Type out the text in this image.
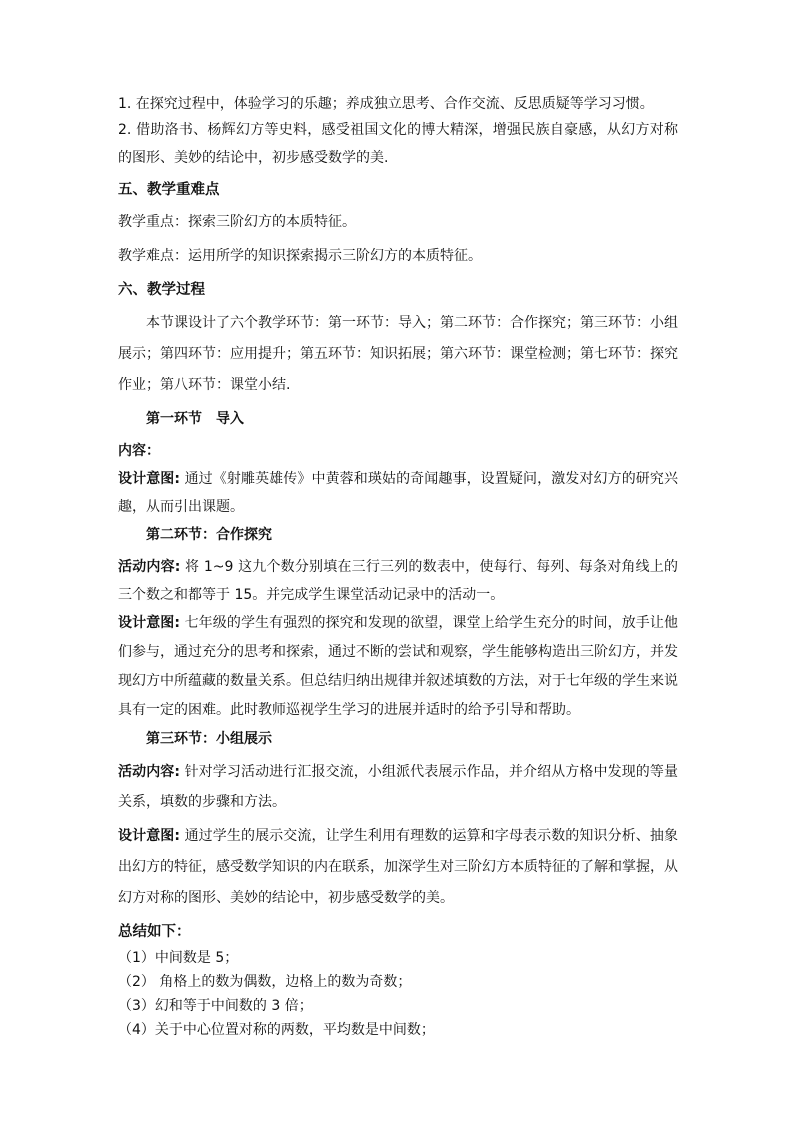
1. 在探究过程中，体验学习的乐趣；养成独立思考、合作交流、反思质疑等学习习惯。

2. 借助洛书、杨辉幻方等史料，感受祖国文化的博大精深，增强民族自豪感，从幻方对称的图形、美妙的结论中，初步感受数学的美.

五、教学重难点

教学重点：探索三阶幻方的本质特征。

教学难点：运用所学的知识探索揭示三阶幻方的本质特征。

六、教学过程

本节课设计了六个教学环节：第一环节：导入；第二环节：合作探究；第三环节：小组展示；第四环节：应用提升；第五环节：知识拓展；第六环节：课堂检测；第七环节：探究作业；第八环节：课堂小结.

第一环节　导入

内容：

设计意图: 通过《射雕英雄传》中黄蓉和瑛姑的奇闻趣事，设置疑问，激发对幻方的研究兴趣，从而引出课题。

第二环节：合作探究

活动内容: 将 1~9 这九个数分别填在三行三列的数表中，使每行、每列、每条对角线上的三个数之和都等于 15。并完成学生课堂活动记录中的活动一。

设计意图: 七年级的学生有强烈的探究和发现的欲望，课堂上给学生充分的时间，放手让他们参与，通过充分的思考和探索，通过不断的尝试和观察，学生能够构造出三阶幻方，并发现幻方中所蕴藏的数量关系。但总结归纳出规律并叙述填数的方法，对于七年级的学生来说具有一定的困难。此时教师巡视学生学习的进展并适时的给予引导和帮助。

第三环节：小组展示

活动内容: 针对学习活动进行汇报交流，小组派代表展示作品，并介绍从方格中发现的等量关系，填数的步骤和方法。

设计意图: 通过学生的展示交流，让学生利用有理数的运算和字母表示数的知识分析、抽象出幻方的特征，感受数学知识的内在联系，加深学生对三阶幻方本质特征的了解和掌握，从幻方对称的图形、美妙的结论中，初步感受数学的美。

总结如下：

（1）中间数是 5；

（2） 角格上的数为偶数，边格上的数为奇数；

（3）幻和等于中间数的 3 倍；

（4）关于中心位置对称的两数，平均数是中间数；
